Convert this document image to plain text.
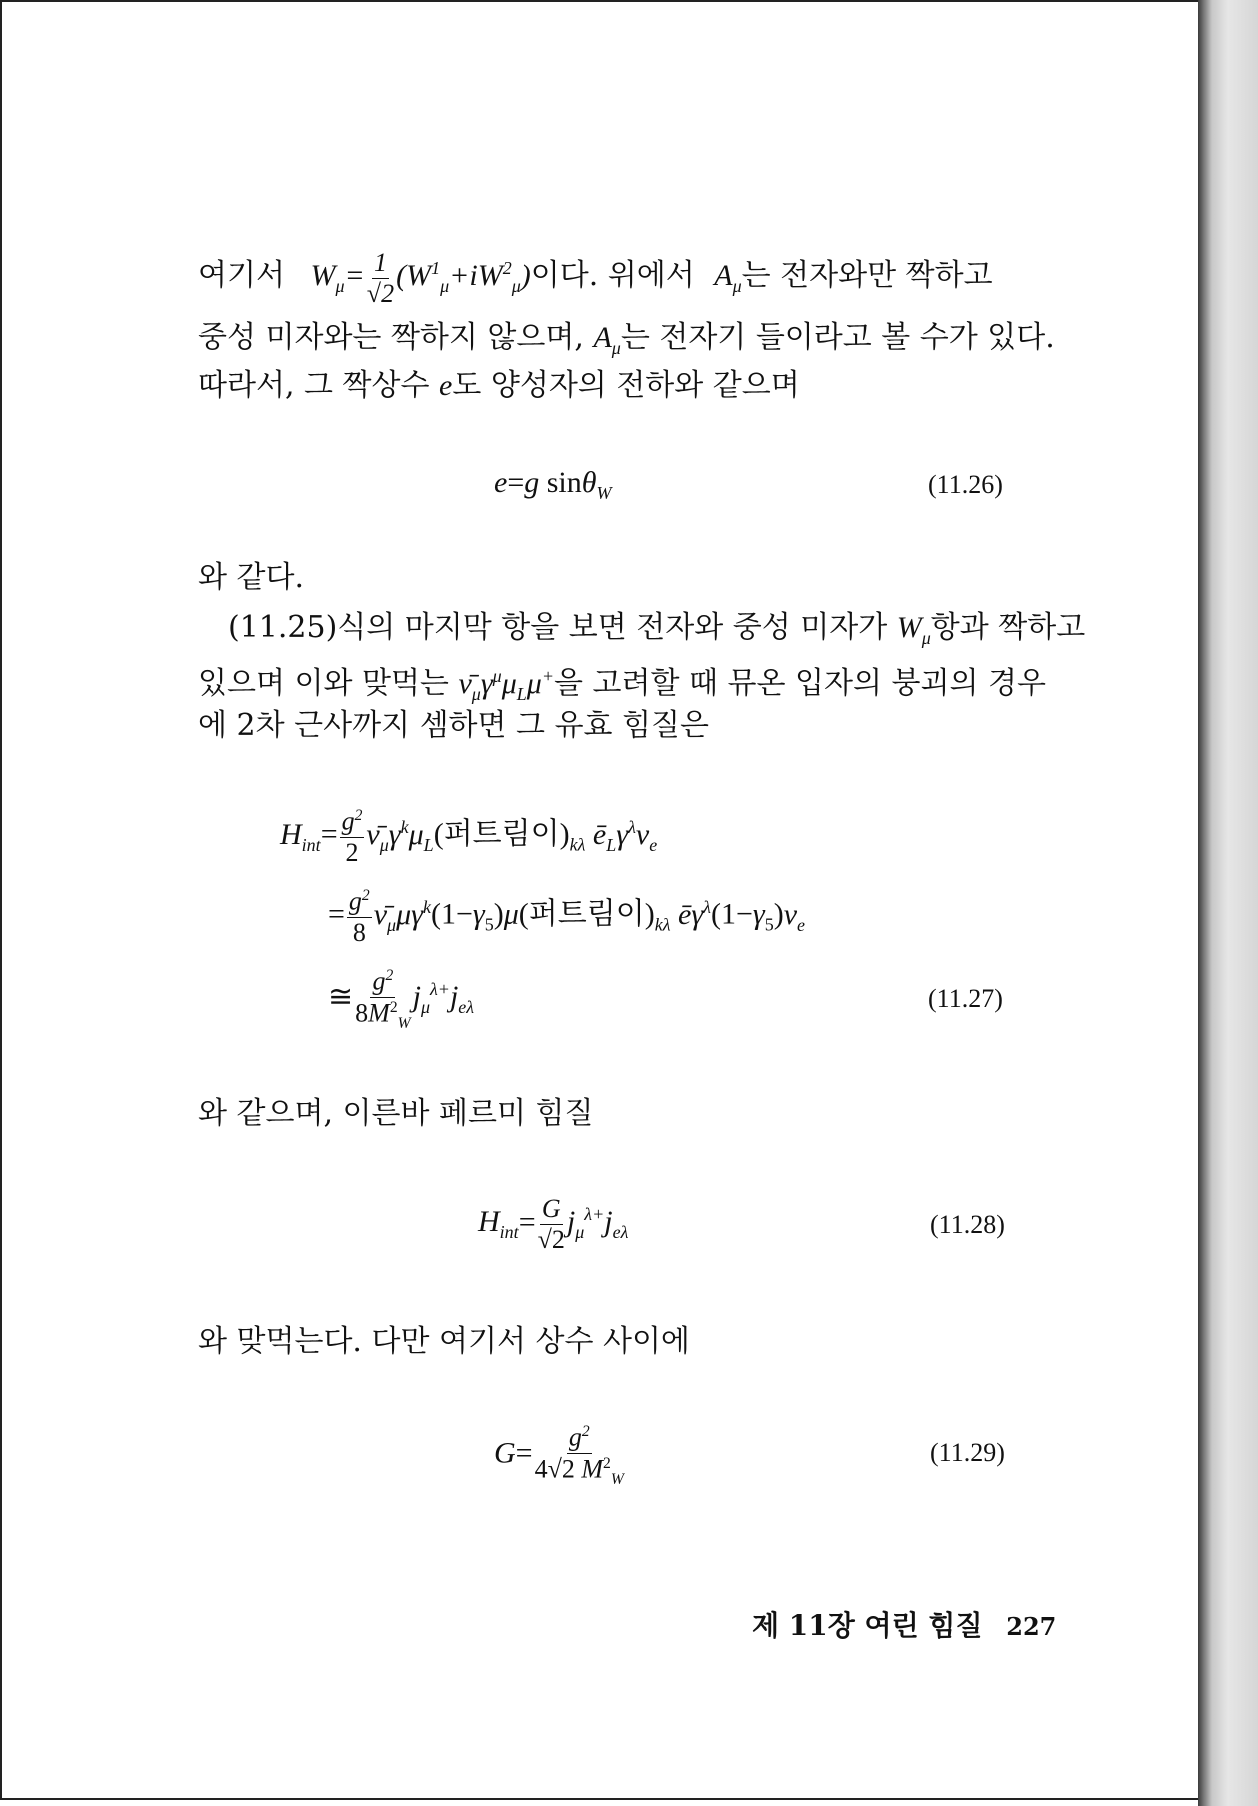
여기서 $W_\mu= \frac{1}{√2} (W^1_\mu+iW^2_\mu)$이다. 위에서 $A_\mu$는 전자와만 짝하고
중성 미자와는 짝하지 않으며, $A_\mu$는 전자기 들이라고 볼 수가 있다.
따라서, 그 짝상수 e도 양성자의 전하와 같으며
e=g sinθ$_W$	(11.26)
와 같다.
(11.25)식의 마지막 항을 보면 전자와 중성 미자가 $W_\mu$항과 짝하고
있으며 이와 맞먹는 $\nū_\mu\gamma^\mu\mu_L\mu^+$을 고려할 때 뮤온 입자의 붕괴의 경우
에 2차 근사까지 셈하면 그 유효 힘질은
$H_{int}= \frac{g^2}{2}$ $\nū_\mu\gamma^k\mu_L$(퍼트림이)$_{k\lambda}$ $ē_L\gamma^\lambda\nu_e$
= $\frac{g^2}{8}$ $\nū_\mu\mu\gamma^k(1-\gamma_5)\mu$(퍼트림이)$_{k\lambda}$ $ē\gamma^\lambda(1-\gamma_5)\nu_e$
≅ $\frac{g^2}{8M^2_W} j_\mu^{\lambda+}j_{e\lambda}$	(11.27)
와 같으며, 이른바 페르미 힘질
$H_{int}= \frac{G}{√2} j_\mu^{\lambda+}j_{e\lambda}$	(11.28)
와 맞먹는다. 다만 여기서 상수 사이에
$G= \frac{g^2}{4√2 M^2_W}$	(11.29)
제 11장 여린 힘질 227
